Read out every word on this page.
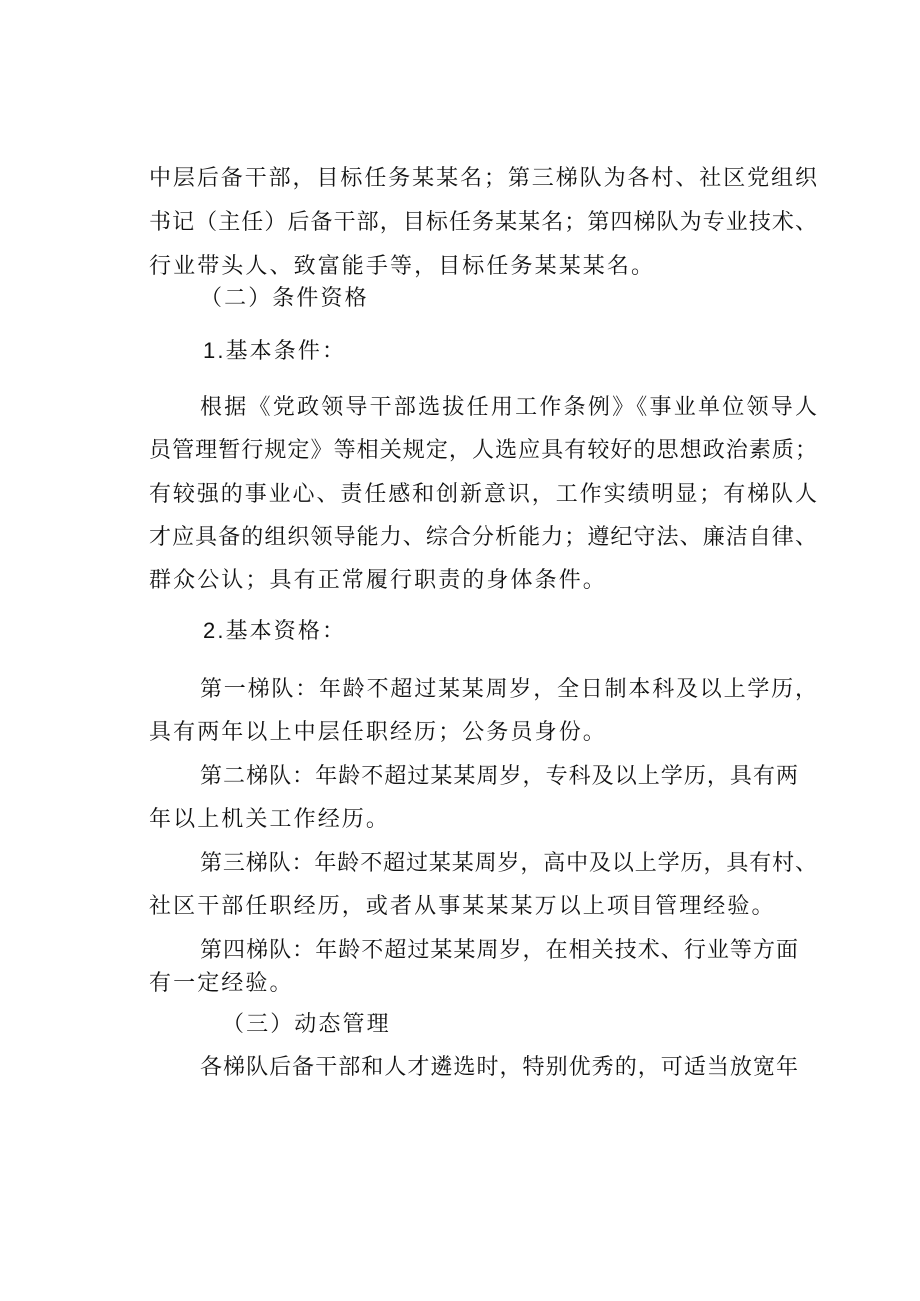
中层后备干部，目标任务某某名；第三梯队为各村、社区党组织
书记（主任）后备干部，目标任务某某名；第四梯队为专业技术、
行业带头人、致富能手等，目标任务某某某名。
（二）条件资格
1.基本条件：
根据《党政领导干部选拔任用工作条例》《事业单位领导人
员管理暂行规定》等相关规定，人选应具有较好的思想政治素质；
有较强的事业心、责任感和创新意识，工作实绩明显；有梯队人
才应具备的组织领导能力、综合分析能力；遵纪守法、廉洁自律、
群众公认；具有正常履行职责的身体条件。
2.基本资格：
第一梯队：年龄不超过某某周岁，全日制本科及以上学历，
具有两年以上中层任职经历；公务员身份。
第二梯队：年龄不超过某某周岁，专科及以上学历，具有两
年以上机关工作经历。
第三梯队：年龄不超过某某周岁，高中及以上学历，具有村、
社区干部任职经历，或者从事某某某万以上项目管理经验。
第四梯队：年龄不超过某某周岁，在相关技术、行业等方面
有一定经验。
（三）动态管理
各梯队后备干部和人才遴选时，特别优秀的，可适当放宽年
